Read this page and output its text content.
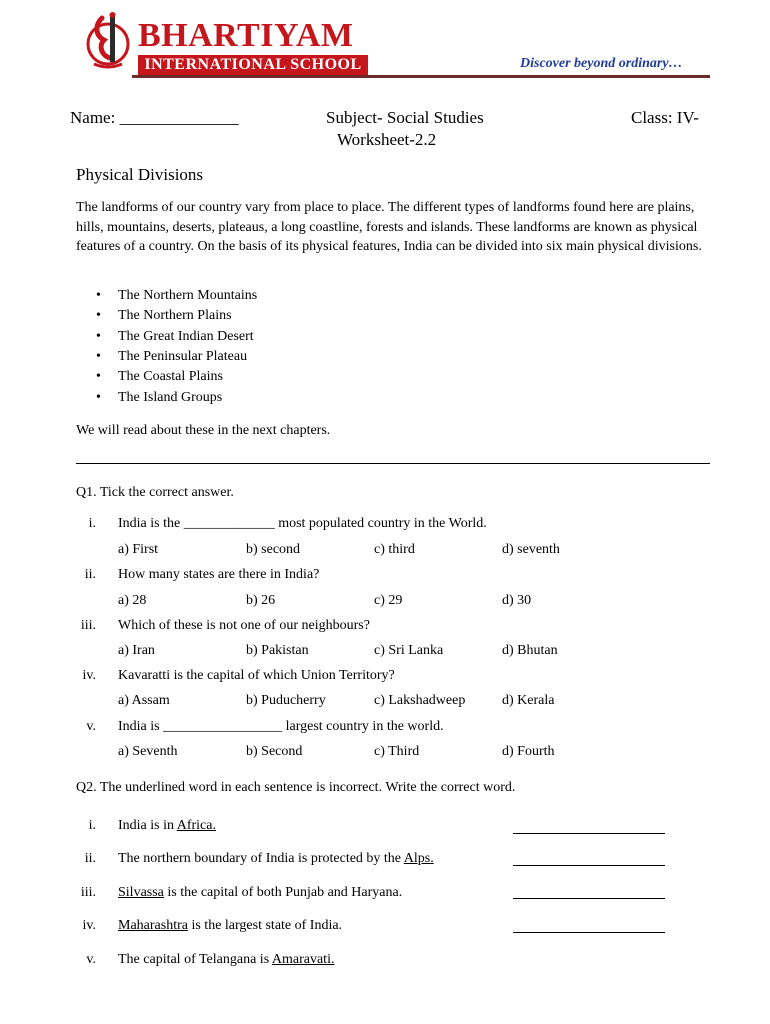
BHARTIYAM
INTERNATIONAL SCHOOL	Discover beyond ordinary…
Name: ______________	Subject- Social Studies	Class: IV-
Worksheet-2.2
Physical Divisions
The landforms of our country vary from place to place. The different types of landforms found here are plains, hills, mountains, deserts, plateaus, a long coastline, forests and islands. These landforms are known as physical features of a country. On the basis of its physical features, India can be divided into six main physical divisions.
• The Northern Mountains
• The Northern Plains
• The Great Indian Desert
• The Peninsular Plateau
• The Coastal Plains
• The Island Groups
We will read about these in the next chapters.
Q1. Tick the correct answer.
i. India is the _____________ most populated country in the World.
a) First	b) second	c) third	d) seventh
ii. How many states are there in India?
a) 28	b) 26	c) 29	d) 30
iii. Which of these is not one of our neighbours?
a) Iran	b) Pakistan	c) Sri Lanka	d) Bhutan
iv. Kavaratti is the capital of which Union Territory?
a) Assam	b) Puducherry	c) Lakshadweep	d) Kerala
v. India is _________________ largest country in the world.
a) Seventh	b) Second	c) Third	d) Fourth
Q2. The underlined word in each sentence is incorrect. Write the correct word.
i. India is in Africa.
ii. The northern boundary of India is protected by the Alps.
iii. Silvassa is the capital of both Punjab and Haryana.
iv. Maharashtra is the largest state of India.
v. The capital of Telangana is Amaravati.
